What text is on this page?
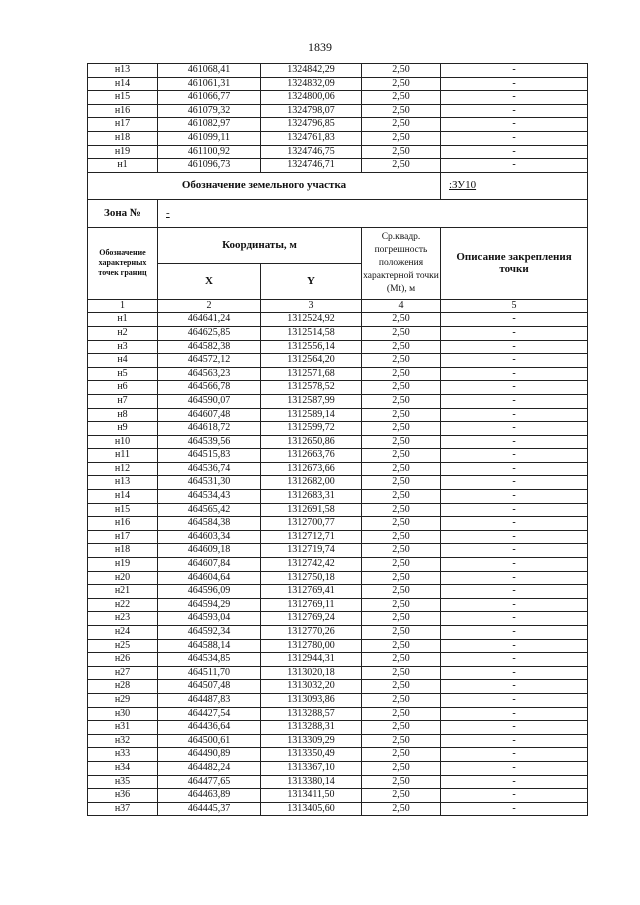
1839
н13	461068,41	1324842,29	2,50	-
н14	461061,31	1324832,09	2,50	-
н15	461066,77	1324800,06	2,50	-
н16	461079,32	1324798,07	2,50	-
н17	461082,97	1324796,85	2,50	-
н18	461099,11	1324761,83	2,50	-
н19	461100,92	1324746,75	2,50	-
н1	461096,73	1324746,71	2,50	-
Обозначение земельного участка				:ЗУ10
Зона №	-			
Обозначение характерных точек границ	Координаты, м		Ср.квадр. погрешность положения характерной точки (Mt), м	Описание закрепления точки
	X	Y		
1	2	3	4	5
н1	464641,24	1312524,92	2,50	-
н2	464625,85	1312514,58	2,50	-
н3	464582,38	1312556,14	2,50	-
н4	464572,12	1312564,20	2,50	-
н5	464563,23	1312571,68	2,50	-
н6	464566,78	1312578,52	2,50	-
н7	464590,07	1312587,99	2,50	-
н8	464607,48	1312589,14	2,50	-
н9	464618,72	1312599,72	2,50	-
н10	464539,56	1312650,86	2,50	-
н11	464515,83	1312663,76	2,50	-
н12	464536,74	1312673,66	2,50	-
н13	464531,30	1312682,00	2,50	-
н14	464534,43	1312683,31	2,50	-
н15	464565,42	1312691,58	2,50	-
н16	464584,38	1312700,77	2,50	-
н17	464603,34	1312712,71	2,50	-
н18	464609,18	1312719,74	2,50	-
н19	464607,84	1312742,42	2,50	-
н20	464604,64	1312750,18	2,50	-
н21	464596,09	1312769,41	2,50	-
н22	464594,29	1312769,11	2,50	-
н23	464593,04	1312769,24	2,50	-
н24	464592,34	1312770,26	2,50	-
н25	464588,14	1312780,00	2,50	-
н26	464534,85	1312944,31	2,50	-
н27	464511,70	1313020,18	2,50	-
н28	464507,48	1313032,20	2,50	-
н29	464487,83	1313093,86	2,50	-
н30	464427,54	1313288,57	2,50	-
н31	464436,64	1313288,31	2,50	-
н32	464500,61	1313309,29	2,50	-
н33	464490,89	1313350,49	2,50	-
н34	464482,24	1313367,10	2,50	-
н35	464477,65	1313380,14	2,50	-
н36	464463,89	1313411,50	2,50	-
н37	464445,37	1313405,60	2,50	-
